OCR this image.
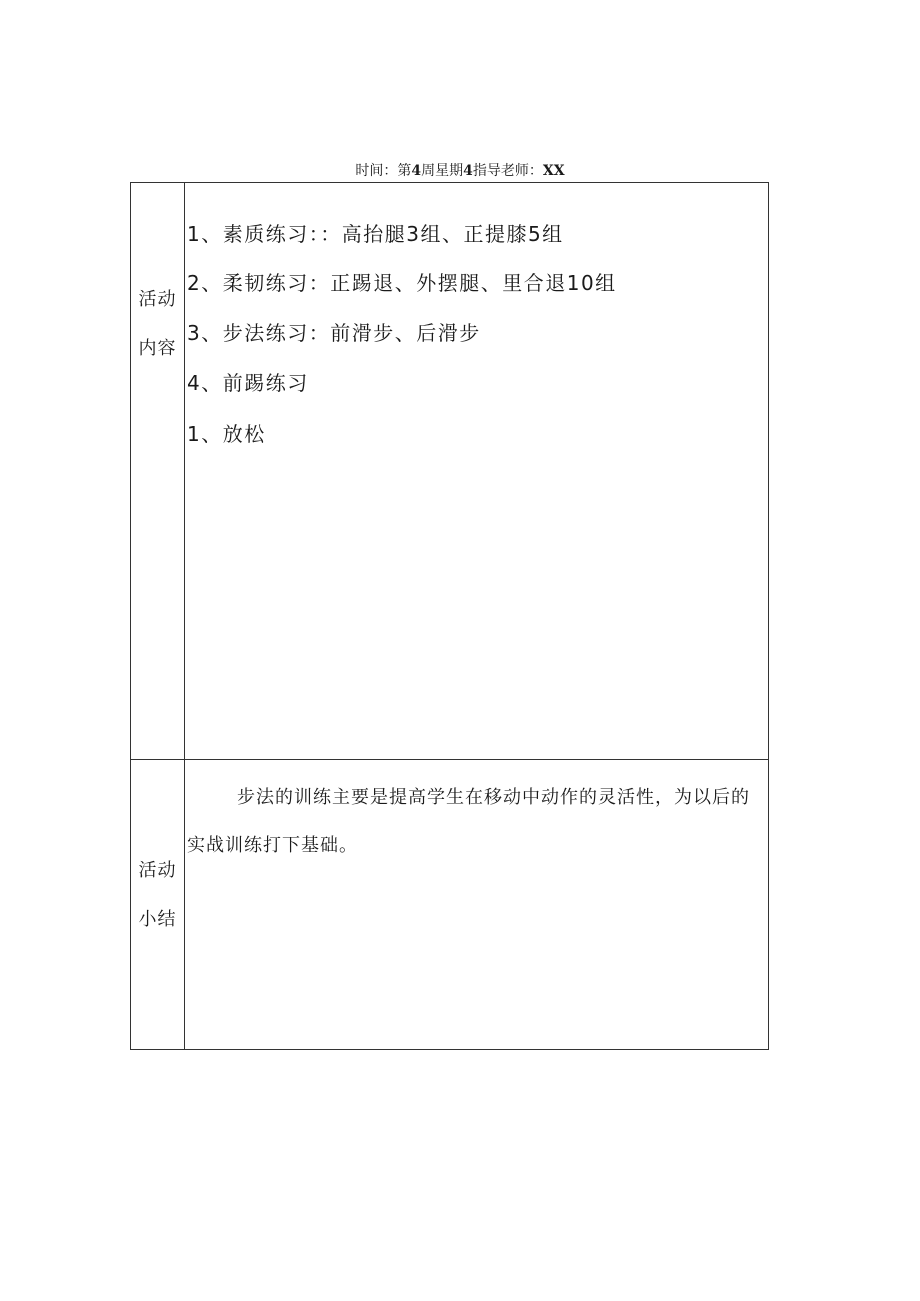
时间：第4周星期4指导老师：XX
活动
内容
1、素质练习：：高抬腿3组、正提膝5组
2、柔韧练习：正踢退、外摆腿、里合退10组
3、步法练习：前滑步、后滑步
4、前踢练习
1、放松
活动
小结

步法的训练主要是提高学生在移动中动作的灵活性，为以后的实战训练打下基础。
